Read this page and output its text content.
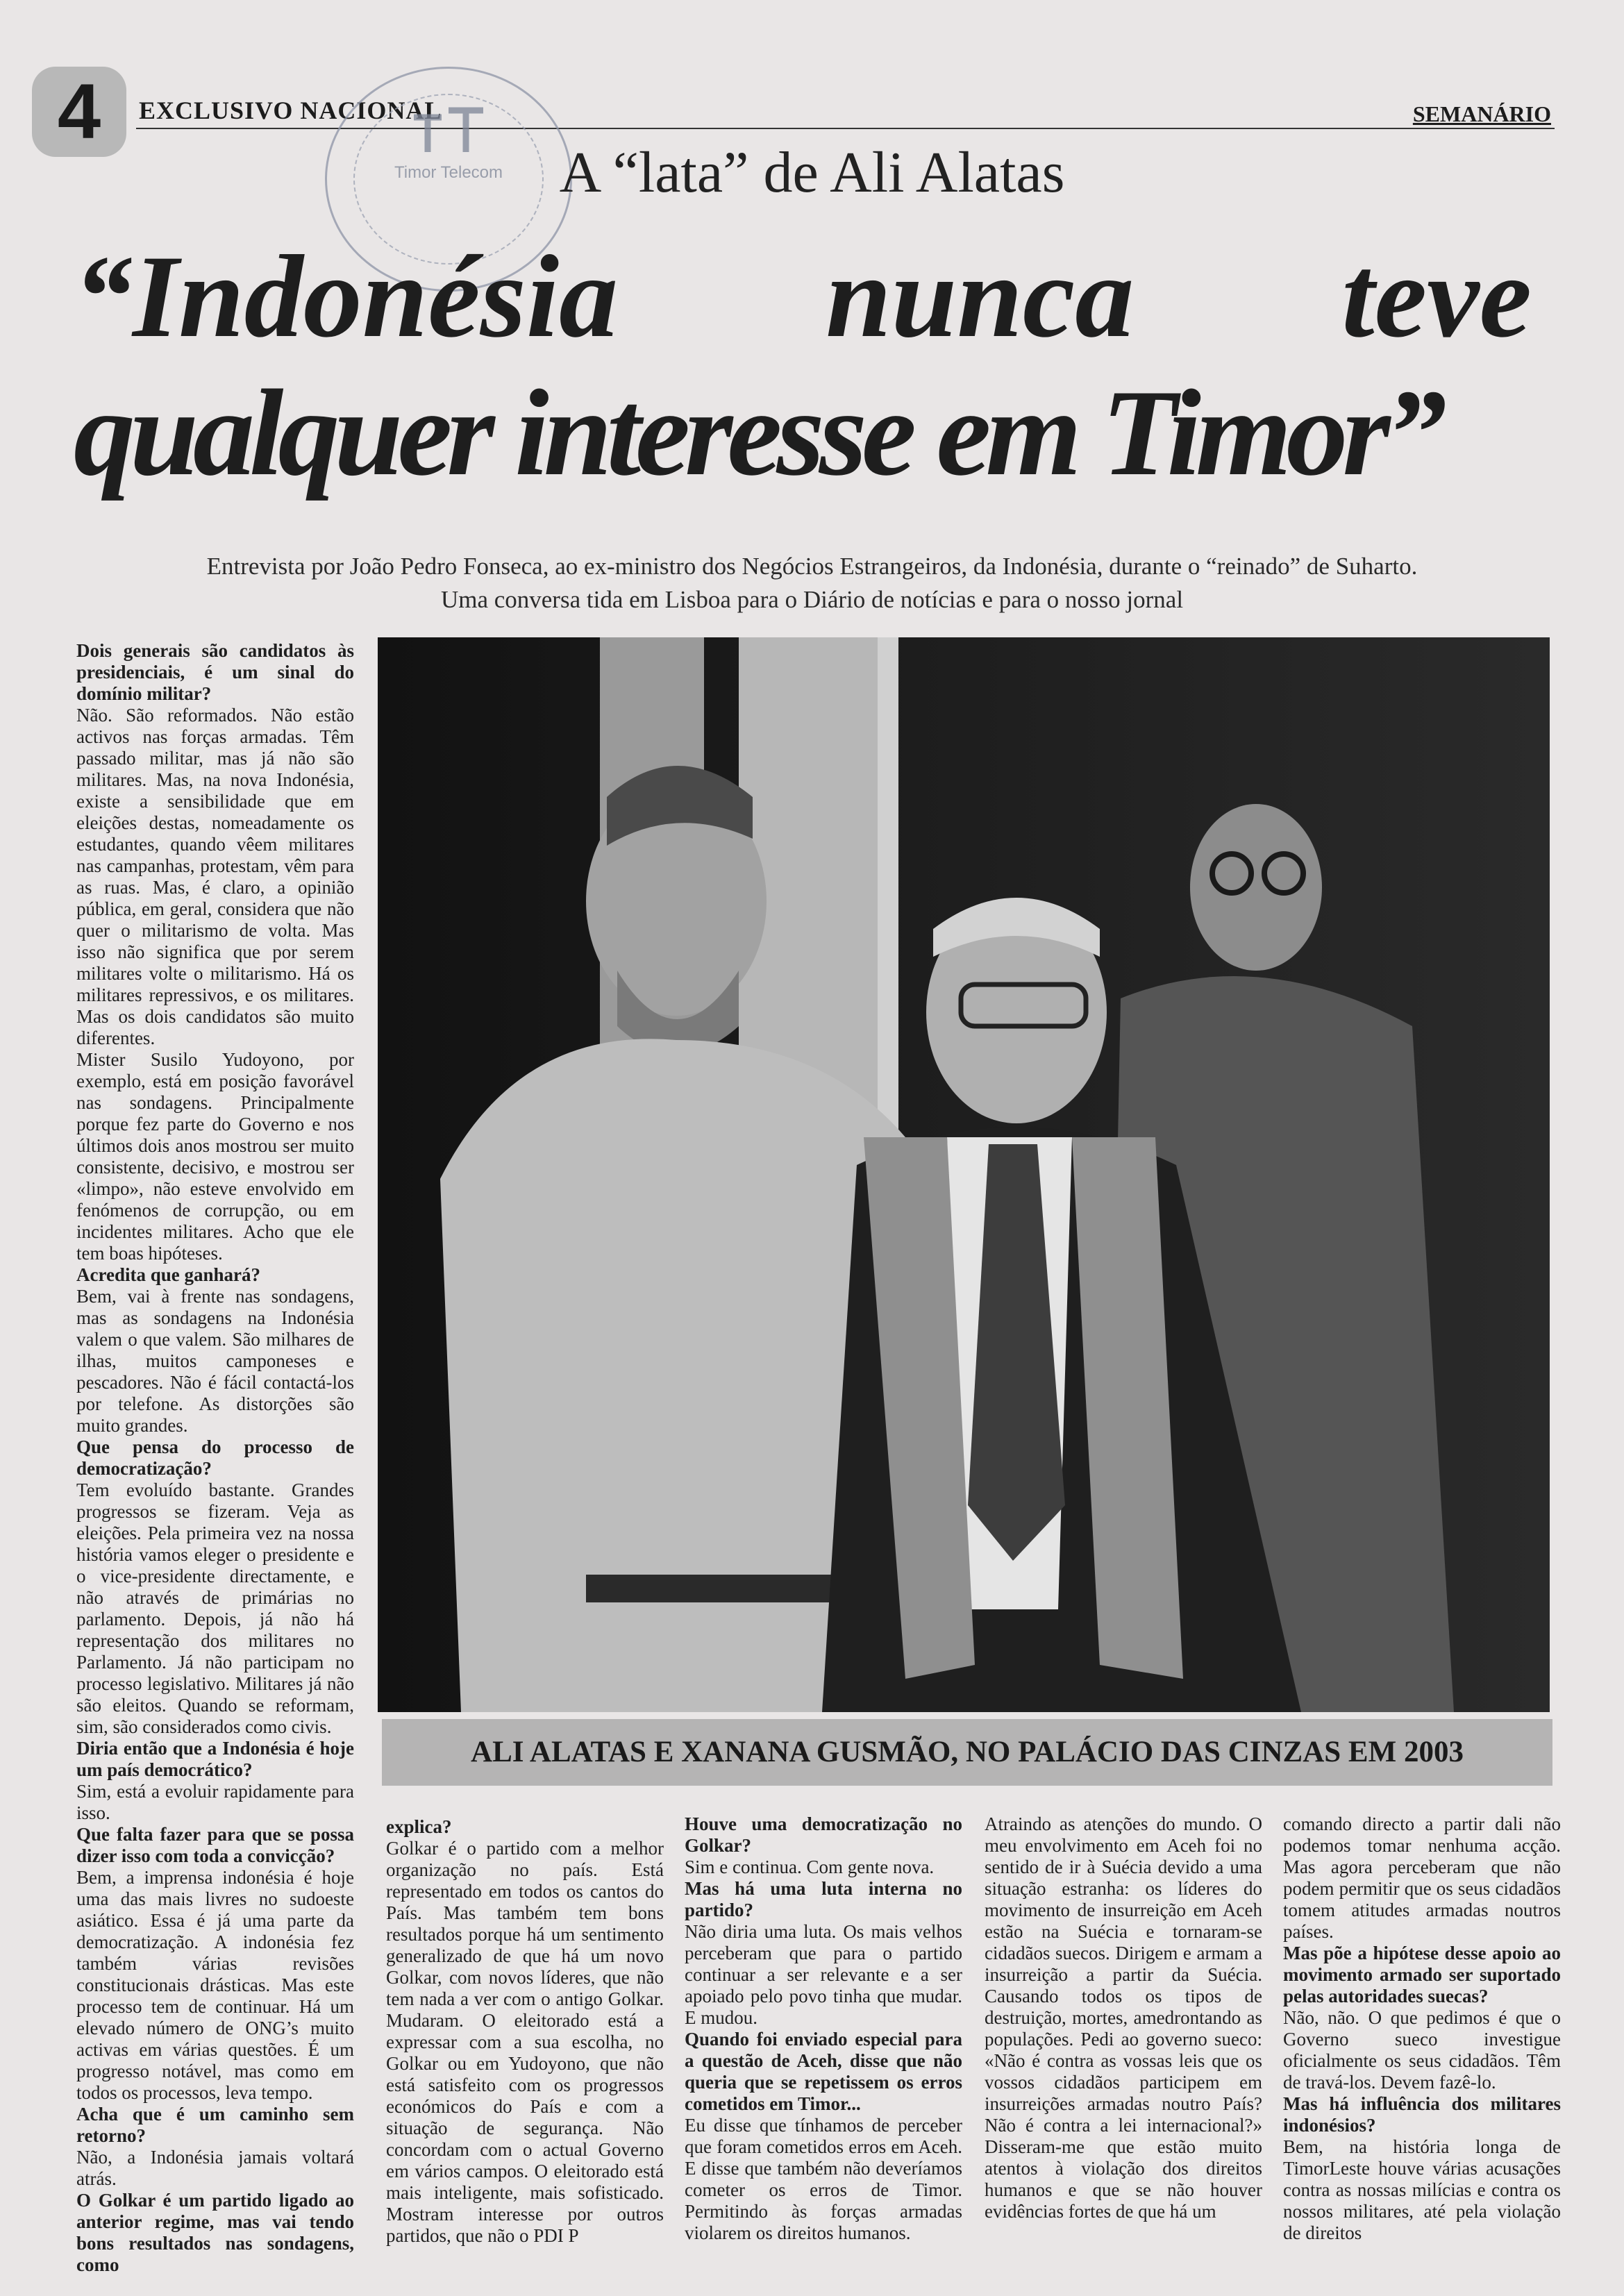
4	EXCLUSIVO NACIONAL	SEMANÁRIO
Timor Telecom A “lata” de Ali Alatas
“Indonésia nunca teve
qualquer interesse em Timor”
Entrevista por João Pedro Fonseca, ao ex-ministro dos Negócios Estrangeiros, da Indonésia, durante o “reinado” de Suharto.
Uma conversa tida em Lisboa para o Diário de notícias e para o nosso jornal
ALI ALATAS E XANANA GUSMÃO, NO PALÁCIO DAS CINZAS EM 2003

Dois generais são candidatos às presidenciais, é um sinal do domínio militar?

Não. São reformados. Não estão activos nas forças armadas. Têm passado militar, mas já não são militares. Mas, na nova Indonésia, existe a sensibilidade que em eleições destas, nomeadamente os estudantes, quando vêem militares nas campanhas, protestam, vêm para as ruas. Mas, é claro, a opinião pública, em geral, considera que não quer o militarismo de volta. Mas isso não significa que por serem militares volte o militarismo. Há os militares repressivos, e os militares. Mas os dois candidatos são muito diferentes.

Mister Susilo Yudoyono, por exemplo, está em posição favorável nas sondagens. Principalmente porque fez parte do Governo e nos últimos dois anos mostrou ser muito consistente, decisivo, e mostrou ser «limpo», não esteve envolvido em fenómenos de corrupção, ou em incidentes militares. Acho que ele tem boas hipóteses.

Acredita que ganhará?

Bem, vai à frente nas sondagens, mas as sondagens na Indonésia valem o que valem. São milhares de ilhas, muitos camponeses e pescadores. Não é fácil contactá-los por telefone. As distorções são muito grandes.

Que pensa do processo de democratização?

Tem evoluído bastante. Grandes progressos se fizeram. Veja as eleições. Pela primeira vez na nossa história vamos eleger o presidente e o vice-presidente directamente, e não através de primárias no parlamento. Depois, já não há representação dos militares no Parlamento. Já não participam no processo legislativo. Militares já não são eleitos. Quando se reformam, sim, são considerados como civis.

Diria então que a Indonésia é hoje um país democrático?

Sim, está a evoluir rapidamente para isso.

Que falta fazer para que se possa dizer isso com toda a convicção?

Bem, a imprensa indonésia é hoje uma das mais livres no sudoeste asiático. Essa é já uma parte da democratização. A indonésia fez também várias revisões constitucionais drásticas. Mas este processo tem de continuar. Há um elevado número de ONG’s muito activas em várias questões. É um progresso notável, mas como em todos os processos, leva tempo.

Acha que é um caminho sem retorno?

Não, a Indonésia jamais voltará atrás.

O Golkar é um partido ligado ao anterior regime, mas vai tendo bons resultados nas sondagens, como

explica?

Golkar é o partido com a melhor organização no país. Está representado em todos os cantos do País. Mas também tem bons resultados porque há um sentimento generalizado de que há um novo Golkar, com novos líderes, que não tem nada a ver com o antigo Golkar. Mudaram. O eleitorado está a expressar com a sua escolha, no Golkar ou em Yudoyono, que não está satisfeito com os progressos económicos do País e com a situação de segurança. Não concordam com o actual Governo em vários campos. O eleitorado está mais inteligente, mais sofisticado. Mostram interesse por outros partidos, que não o PDI P

Houve uma democratização no Golkar?

Sim e continua. Com gente nova.

Mas há uma luta interna no partido?

Não diria uma luta. Os mais velhos perceberam que para o partido continuar a ser relevante e a ser apoiado pelo povo tinha que mudar. E mudou.

Quando foi enviado especial para a questão de Aceh, disse que não queria que se repetissem os erros cometidos em Timor...

Eu disse que tínhamos de perceber que foram cometidos erros em Aceh. E disse que também não deveríamos cometer os erros de Timor. Permitindo às forças armadas violarem os direitos humanos.

Atraindo as atenções do mundo. O meu envolvimento em Aceh foi no sentido de ir à Suécia devido a uma situação estranha: os líderes do movimento de insurreição em Aceh estão na Suécia e tornaram-se cidadãos suecos. Dirigem e armam a insurreição a partir da Suécia. Causando todos os tipos de destruição, mortes, amedrontando as populações. Pedi ao governo sueco: «Não é contra as vossas leis que os vossos cidadãos participem em insurreições armadas noutro País? Não é contra a lei internacional?» Disseram-me que estão muito atentos à violação dos direitos humanos e que se não houver evidências fortes de que há um

comando directo a partir dali não podemos tomar nenhuma acção. Mas agora perceberam que não podem permitir que os seus cidadãos tomem atitudes armadas noutros países.

Mas põe a hipótese desse apoio ao movimento armado ser suportado pelas autoridades suecas?

Não, não. O que pedimos é que o Governo sueco investigue oficialmente os seus cidadãos. Têm de travá-los. Devem fazê-lo.

Mas há influência dos militares indonésios?

Bem, na história longa de TimorLeste houve várias acusações contra as nossas milícias e contra os nossos militares, até pela violação de direitos
